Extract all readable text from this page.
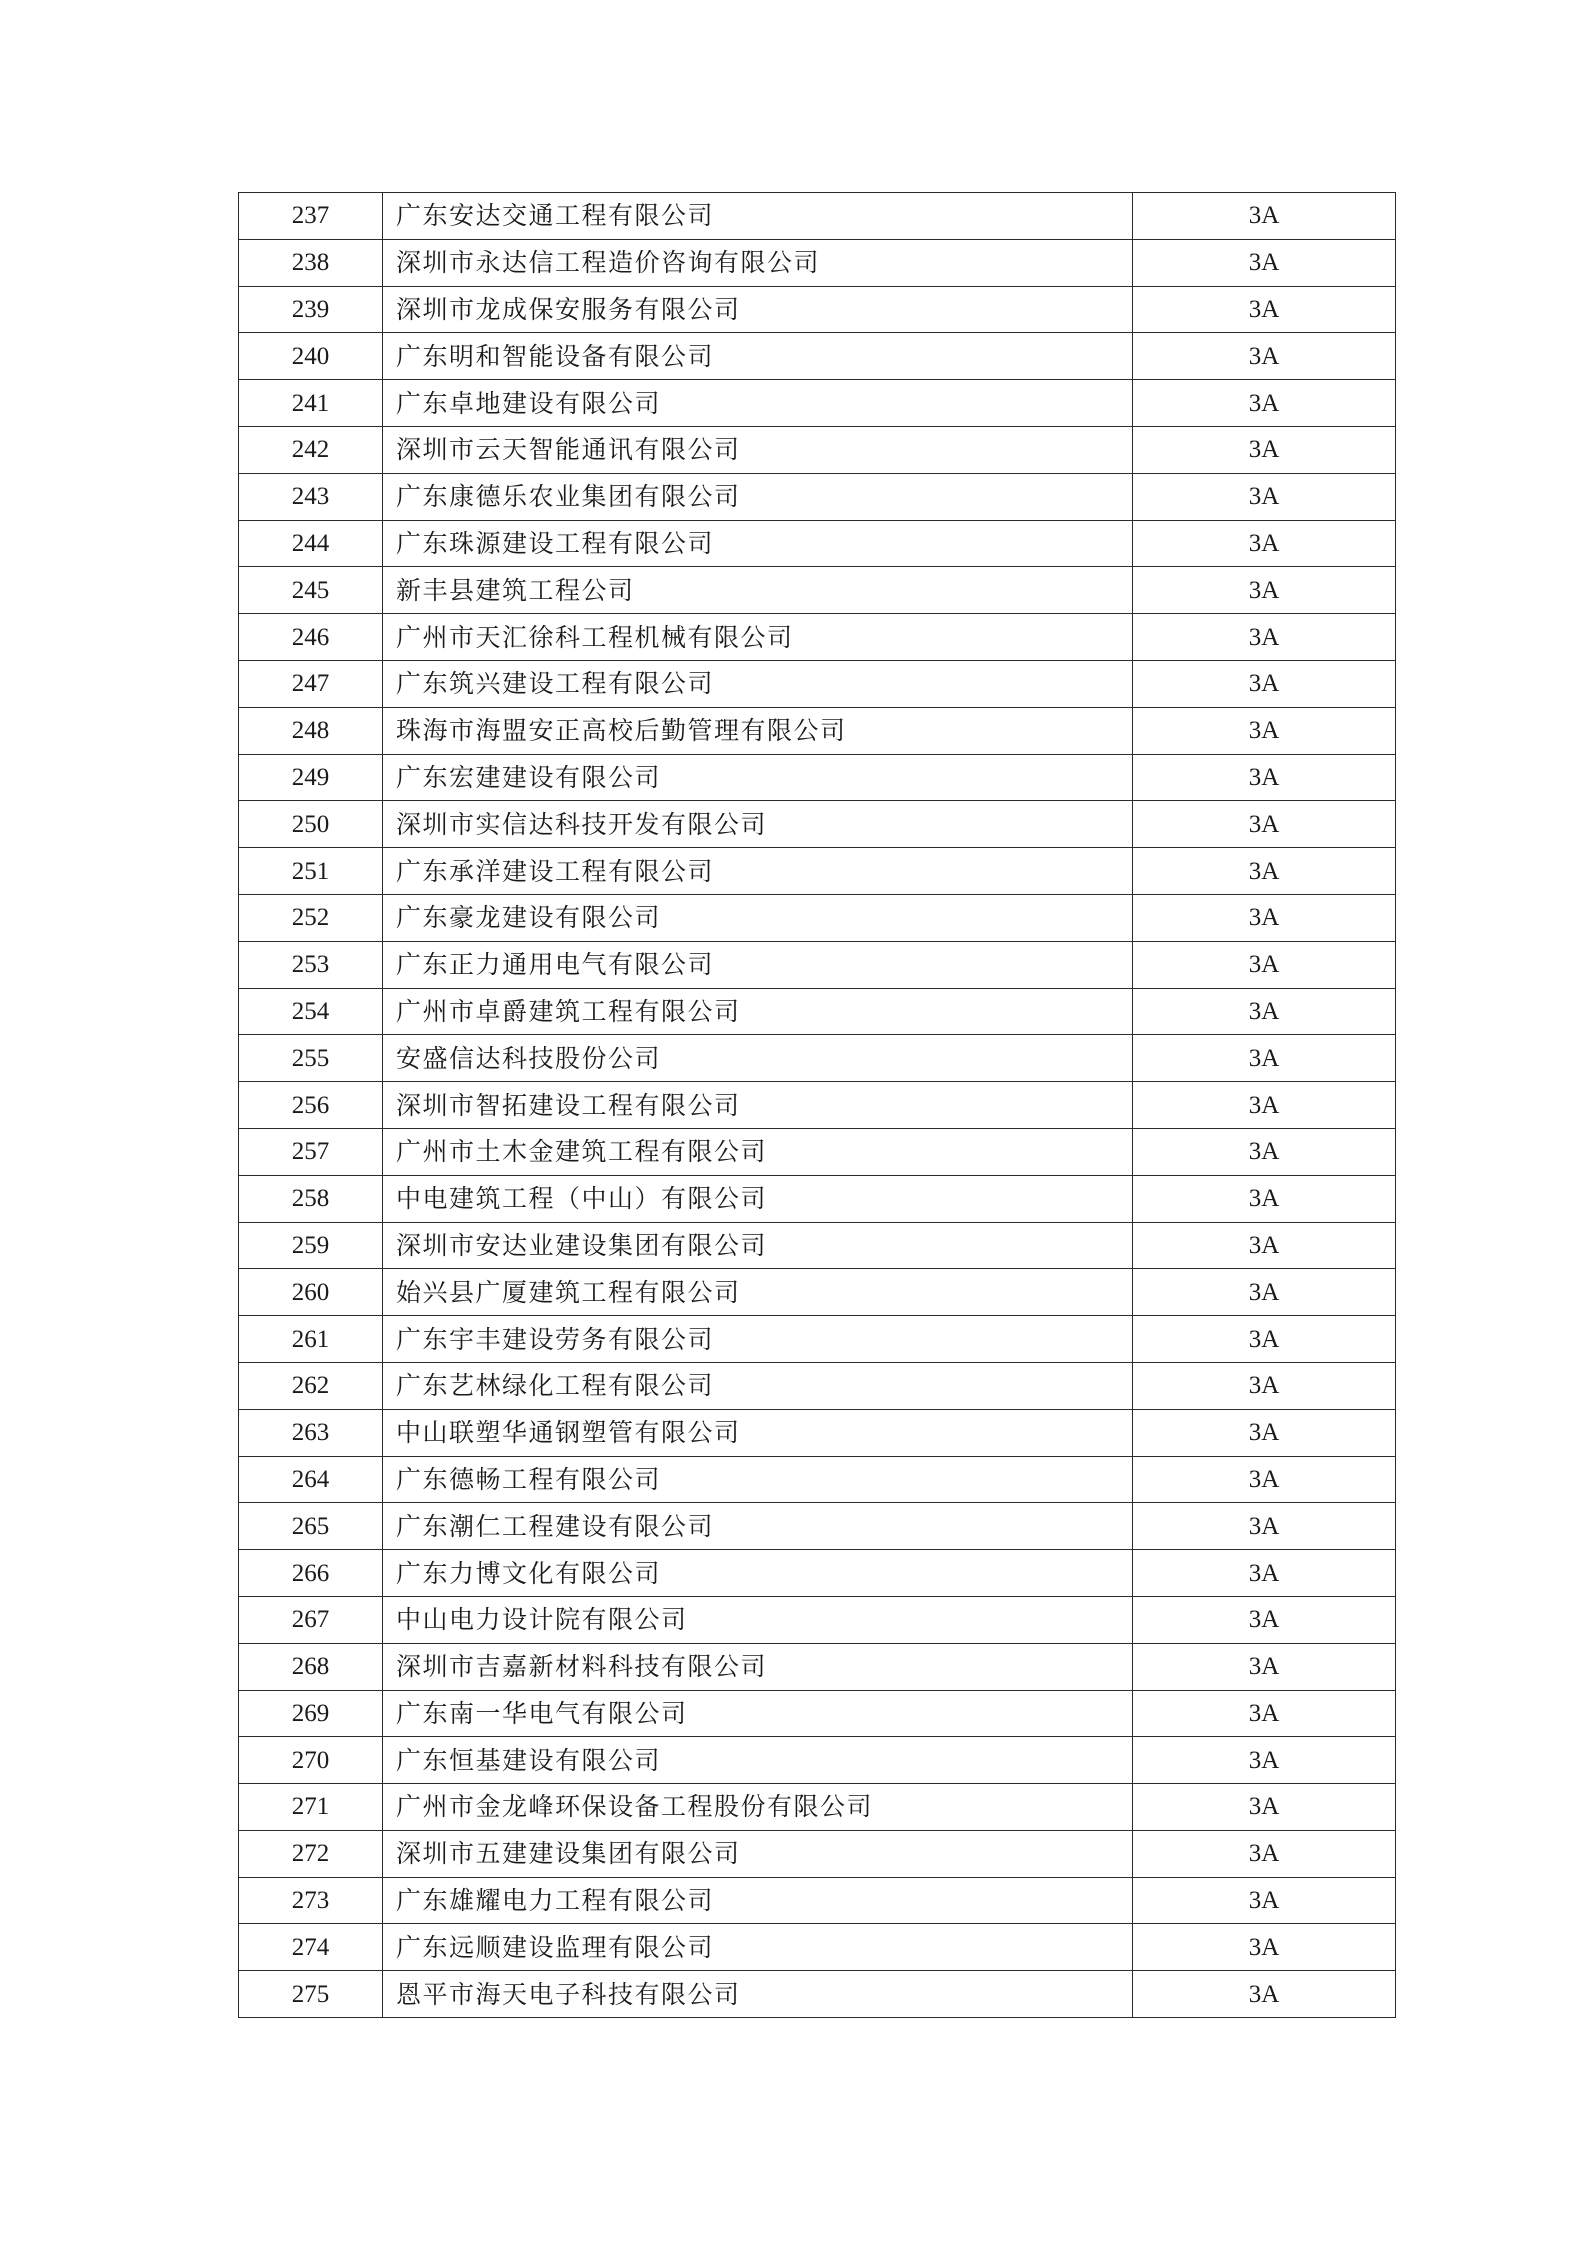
237	广东安达交通工程有限公司	3A
238	深圳市永达信工程造价咨询有限公司	3A
239	深圳市龙成保安服务有限公司	3A
240	广东明和智能设备有限公司	3A
241	广东卓地建设有限公司	3A
242	深圳市云天智能通讯有限公司	3A
243	广东康德乐农业集团有限公司	3A
244	广东珠源建设工程有限公司	3A
245	新丰县建筑工程公司	3A
246	广州市天汇徐科工程机械有限公司	3A
247	广东筑兴建设工程有限公司	3A
248	珠海市海盟安正高校后勤管理有限公司	3A
249	广东宏建建设有限公司	3A
250	深圳市实信达科技开发有限公司	3A
251	广东承洋建设工程有限公司	3A
252	广东豪龙建设有限公司	3A
253	广东正力通用电气有限公司	3A
254	广州市卓爵建筑工程有限公司	3A
255	安盛信达科技股份公司	3A
256	深圳市智拓建设工程有限公司	3A
257	广州市土木金建筑工程有限公司	3A
258	中电建筑工程（中山）有限公司	3A
259	深圳市安达业建设集团有限公司	3A
260	始兴县广厦建筑工程有限公司	3A
261	广东宇丰建设劳务有限公司	3A
262	广东艺林绿化工程有限公司	3A
263	中山联塑华通钢塑管有限公司	3A
264	广东德畅工程有限公司	3A
265	广东潮仁工程建设有限公司	3A
266	广东力博文化有限公司	3A
267	中山电力设计院有限公司	3A
268	深圳市吉嘉新材料科技有限公司	3A
269	广东南一华电气有限公司	3A
270	广东恒基建设有限公司	3A
271	广州市金龙峰环保设备工程股份有限公司	3A
272	深圳市五建建设集团有限公司	3A
273	广东雄耀电力工程有限公司	3A
274	广东远顺建设监理有限公司	3A
275	恩平市海天电子科技有限公司	3A
